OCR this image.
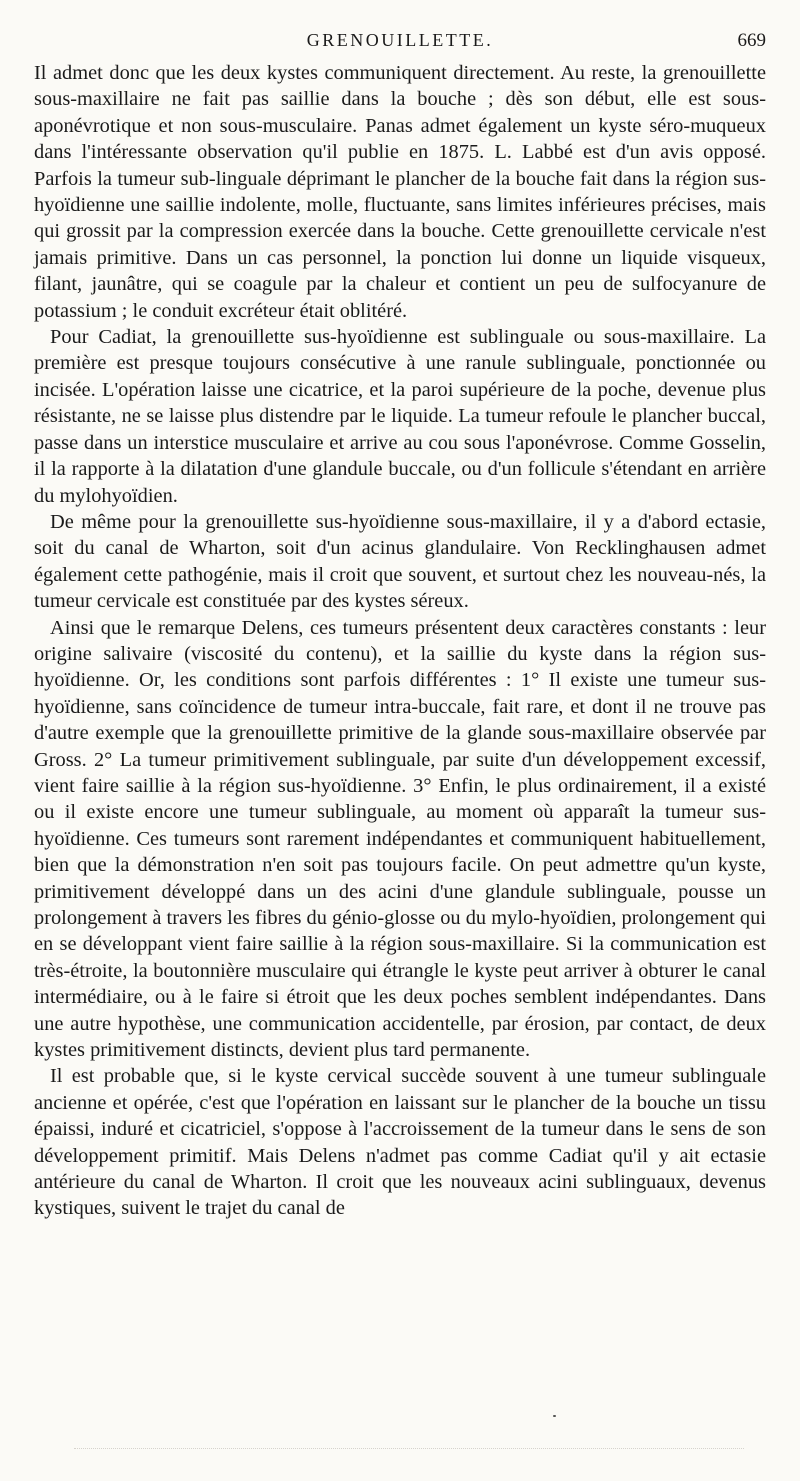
GRENOUILLETTE.	669

Il admet donc que les deux kystes communiquent directement. Au reste, la grenouillette sous-maxillaire ne fait pas saillie dans la bouche ; dès son début, elle est sous-aponévrotique et non sous-musculaire. Panas admet également un kyste séro-muqueux dans l'intéressante observation qu'il publie en 1875. L. Labbé est d'un avis opposé. Parfois la tumeur sub-linguale déprimant le plancher de la bouche fait dans la région sus-hyoïdienne une saillie indolente, molle, fluctuante, sans limites inférieures précises, mais qui grossit par la compression exercée dans la bouche. Cette grenouillette cervicale n'est jamais primitive. Dans un cas personnel, la ponction lui donne un liquide visqueux, filant, jaunâtre, qui se coagule par la chaleur et contient un peu de sulfocyanure de potassium ; le conduit excréteur était oblitéré.

Pour Cadiat, la grenouillette sus-hyoïdienne est sublinguale ou sous-maxillaire. La première est presque toujours consécutive à une ranule sublinguale, ponctionnée ou incisée. L'opération laisse une cicatrice, et la paroi supérieure de la poche, devenue plus résistante, ne se laisse plus distendre par le liquide. La tumeur refoule le plancher buccal, passe dans un interstice musculaire et arrive au cou sous l'aponévrose. Comme Gosselin, il la rapporte à la dilatation d'une glandule buccale, ou d'un follicule s'étendant en arrière du mylohyoïdien.

De même pour la grenouillette sus-hyoïdienne sous-maxillaire, il y a d'abord ectasie, soit du canal de Wharton, soit d'un acinus glandulaire. Von Recklinghausen admet également cette pathogénie, mais il croit que souvent, et surtout chez les nouveau-nés, la tumeur cervicale est constituée par des kystes séreux.

Ainsi que le remarque Delens, ces tumeurs présentent deux caractères constants : leur origine salivaire (viscosité du contenu), et la saillie du kyste dans la région sus-hyoïdienne. Or, les conditions sont parfois différentes : 1° Il existe une tumeur sus-hyoïdienne, sans coïncidence de tumeur intra-buccale, fait rare, et dont il ne trouve pas d'autre exemple que la grenouillette primitive de la glande sous-maxillaire observée par Gross. 2° La tumeur primitivement sublinguale, par suite d'un développement excessif, vient faire saillie à la région sus-hyoïdienne. 3° Enfin, le plus ordinairement, il a existé ou il existe encore une tumeur sublinguale, au moment où apparaît la tumeur sus-hyoïdienne. Ces tumeurs sont rarement indépendantes et communiquent habituellement, bien que la démonstration n'en soit pas toujours facile. On peut admettre qu'un kyste, primitivement développé dans un des acini d'une glandule sublinguale, pousse un prolongement à travers les fibres du génio-glosse ou du mylo-hyoïdien, prolongement qui en se développant vient faire saillie à la région sous-maxillaire. Si la communication est très-étroite, la boutonnière musculaire qui étrangle le kyste peut arriver à obturer le canal intermédiaire, ou à le faire si étroit que les deux poches semblent indépendantes. Dans une autre hypothèse, une communication accidentelle, par érosion, par contact, de deux kystes primitivement distincts, devient plus tard permanente.

Il est probable que, si le kyste cervical succède souvent à une tumeur sublinguale ancienne et opérée, c'est que l'opération en laissant sur le plancher de la bouche un tissu épaissi, induré et cicatriciel, s'oppose à l'accroissement de la tumeur dans le sens de son développement primitif. Mais Delens n'admet pas comme Cadiat qu'il y ait ectasie antérieure du canal de Wharton. Il croit que les nouveaux acini sublinguaux, devenus kystiques, suivent le trajet du canal de
